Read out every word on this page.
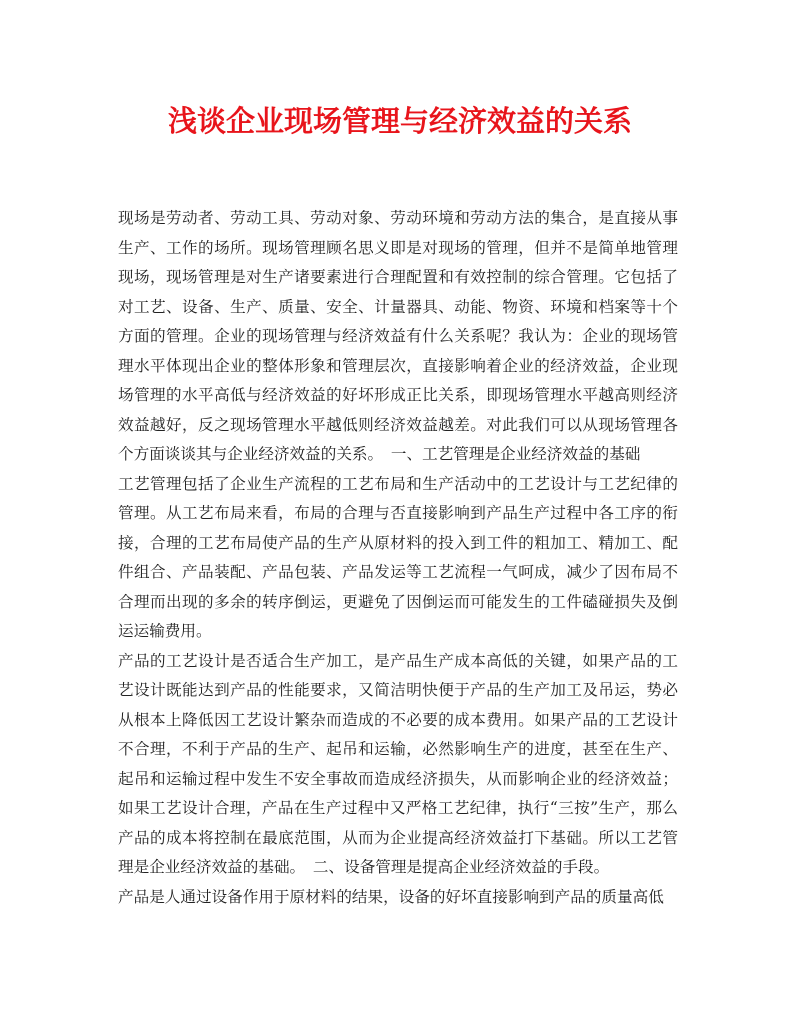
浅谈企业现场管理与经济效益的关系

现场是劳动者、劳动工具、劳动对象、劳动环境和劳动方法的集合，是直接从事生产、工作的场所。现场管理顾名思义即是对现场的管理，但并不是简单地管理现场，现场管理是对生产诸要素进行合理配置和有效控制的综合管理。它包括了对工艺、设备、生产、质量、安全、计量器具、动能、物资、环境和档案等十个方面的管理。企业的现场管理与经济效益有什么关系呢？我认为：企业的现场管理水平体现出企业的整体形象和管理层次，直接影响着企业的经济效益，企业现场管理的水平高低与经济效益的好坏形成正比关系，即现场管理水平越高则经济效益越好，反之现场管理水平越低则经济效益越差。对此我们可以从现场管理各个方面谈谈其与企业经济效益的关系。　一、工艺管理是企业经济效益的基础

工艺管理包括了企业生产流程的工艺布局和生产活动中的工艺设计与工艺纪律的管理。从工艺布局来看，布局的合理与否直接影响到产品生产过程中各工序的衔接，合理的工艺布局使产品的生产从原材料的投入到工件的粗加工、精加工、配件组合、产品装配、产品包装、产品发运等工艺流程一气呵成，减少了因布局不合理而出现的多余的转序倒运，更避免了因倒运而可能发生的工件磕碰损失及倒运运输费用。

产品的工艺设计是否适合生产加工，是产品生产成本高低的关键，如果产品的工艺设计既能达到产品的性能要求，又简洁明快便于产品的生产加工及吊运，势必从根本上降低因工艺设计繁杂而造成的不必要的成本费用。如果产品的工艺设计不合理，不利于产品的生产、起吊和运输，必然影响生产的进度，甚至在生产、起吊和运输过程中发生不安全事故而造成经济损失，从而影响企业的经济效益；如果工艺设计合理，产品在生产过程中又严格工艺纪律，执行“三按”生产，那么产品的成本将控制在最底范围，从而为企业提高经济效益打下基础。所以工艺管理是企业经济效益的基础。　二、设备管理是提高企业经济效益的手段。

产品是人通过设备作用于原材料的结果，设备的好坏直接影响到产品的质量高低
